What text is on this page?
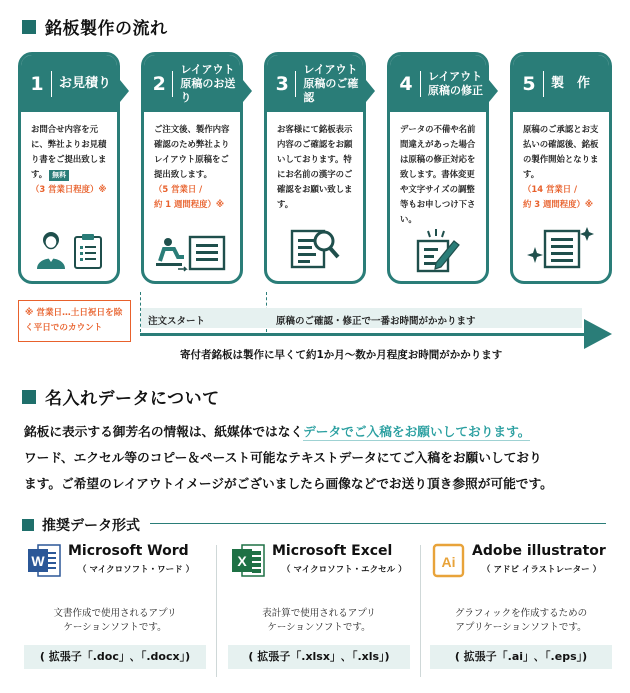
銘板製作の流れ
1 お見積り
お問合せ内容を元に、弊社よりお見積り書をご提出致します。 無料
（3 営業日程度）※
2
レイアウト
原稿のお送り
ご注文後、製作内容確認のため弊社よりレイアウト原稿をご提出致します。
（5 営業日 /
約 1 週間程度）※
3
レイアウト
原稿のご確認
お客様にて銘板表示内容のご確認をお願いしております。特にお名前の漢字のご確認をお願い致します。
4 レイアウト
原稿の修正
データの不備や名前間違えがあった場合は原稿の修正対応を致します。書体変更や文字サイズの調整等もお申しつけ下さい。
5 製　作
原稿のご承認とお支払いの確認後、銘板の製作開始となります。
（14 営業日 /
約 3 週間程度）※
※ 営業日…土日祝日を除く平日でのカウント
注文スタート	原稿のご確認・修正で一番お時間がかかります
寄付者銘板は製作に早くて約1か月～数か月程度お時間がかかります
名入れデータについて
銘板に表示する御芳名の情報は、紙媒体ではなくデータでご入稿をお願いしております。
ワード、エクセル等のコピー＆ペースト可能なテキストデータにてご入稿をお願いしており
ます。ご希望のレイアウトイメージがございましたら画像などでお送り頂き参照が可能です。
推奨データ形式
W
Microsoft Word
（ マイクロソフト・ワード ）
文書作成で使用されるアプリ
ケーションソフトです。
( 拡張子「.doc」､「.docx」)
X
Microsoft Excel
（ マイクロソフト・エクセル ）
表計算で使用されるアプリ
ケーションソフトです。
( 拡張子「.xlsx」､「.xls」)
Ai
Adobe illustrator
（ アドビ イラストレーター ）
グラフィックを作成するための
アプリケーションソフトです。
( 拡張子「.ai」､「.eps」)
